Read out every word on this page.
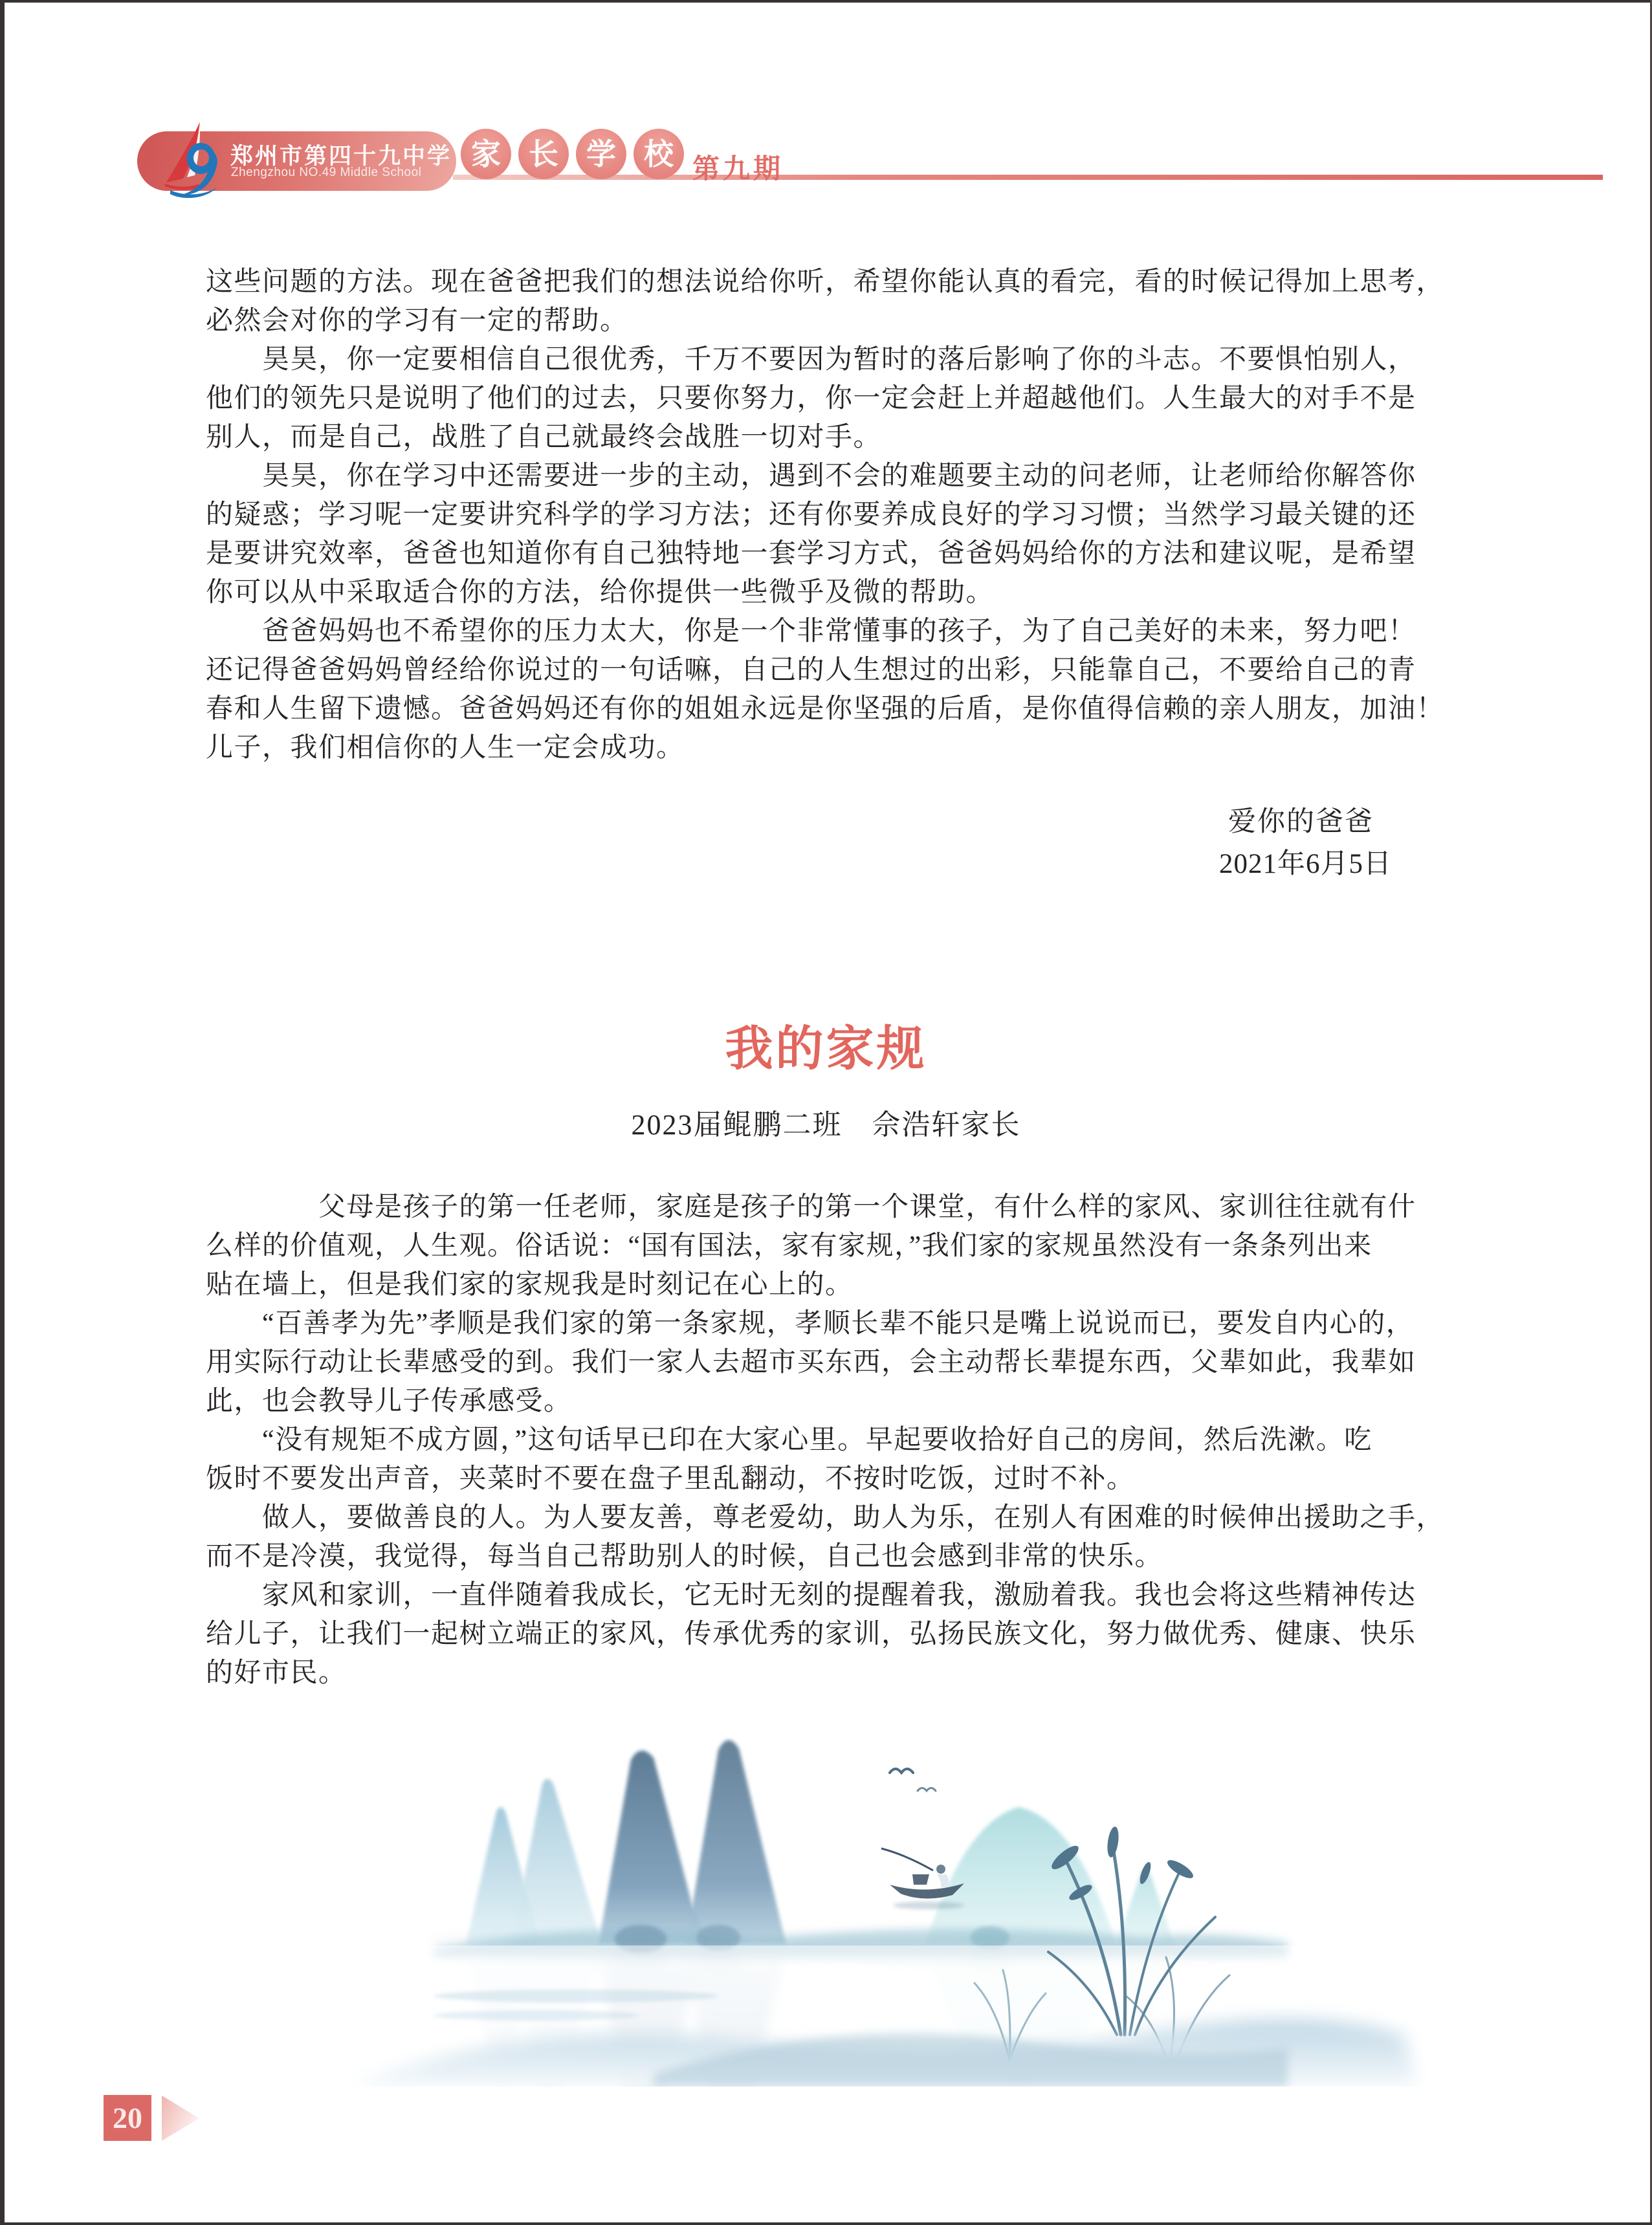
郑州市第四十九中学
Zhengzhou NO.49 Middle School
家 长 学 校 第九期
这些问题的方法。现在爸爸把我们的想法说给你听，希望你能认真的看完，看的时候记得加上思考，
必然会对你的学习有一定的帮助。
　　昊昊，你一定要相信自己很优秀，千万不要因为暂时的落后影响了你的斗志。不要惧怕别人，
他们的领先只是说明了他们的过去，只要你努力，你一定会赶上并超越他们。人生最大的对手不是
别人，而是自己，战胜了自己就最终会战胜一切对手。
　　昊昊，你在学习中还需要进一步的主动，遇到不会的难题要主动的问老师，让老师给你解答你
的疑惑；学习呢一定要讲究科学的学习方法；还有你要养成良好的学习习惯；当然学习最关键的还
是要讲究效率，爸爸也知道你有自己独特地一套学习方式，爸爸妈妈给你的方法和建议呢，是希望
你可以从中采取适合你的方法，给你提供一些微乎及微的帮助。
　　爸爸妈妈也不希望你的压力太大，你是一个非常懂事的孩子，为了自己美好的未来，努力吧！
还记得爸爸妈妈曾经给你说过的一句话嘛，自己的人生想过的出彩，只能靠自己，不要给自己的青
春和人生留下遗憾。爸爸妈妈还有你的姐姐永远是你坚强的后盾，是你值得信赖的亲人朋友，加油！
儿子，我们相信你的人生一定会成功。
爱你的爸爸
2021年6月5日
我的家规
2023届鲲鹏二班　佘浩轩家长
　　　　父母是孩子的第一任老师，家庭是孩子的第一个课堂，有什么样的家风、家训往往就有什
么样的价值观，人生观。俗话说：“国有国法，家有家规，”我们家的家规虽然没有一条条列出来
贴在墙上，但是我们家的家规我是时刻记在心上的。
　　“百善孝为先”孝顺是我们家的第一条家规，孝顺长辈不能只是嘴上说说而已，要发自内心的，
用实际行动让长辈感受的到。我们一家人去超市买东西，会主动帮长辈提东西，父辈如此，我辈如
此，也会教导儿子传承感受。
　　“没有规矩不成方圆，”这句话早已印在大家心里。早起要收拾好自己的房间，然后洗漱。吃
饭时不要发出声音，夹菜时不要在盘子里乱翻动，不按时吃饭，过时不补。
　　做人，要做善良的人。为人要友善，尊老爱幼，助人为乐，在别人有困难的时候伸出援助之手，
而不是冷漠，我觉得，每当自己帮助别人的时候，自己也会感到非常的快乐。
　　家风和家训，一直伴随着我成长，它无时无刻的提醒着我，激励着我。我也会将这些精神传达
给儿子，让我们一起树立端正的家风，传承优秀的家训，弘扬民族文化，努力做优秀、健康、快乐
的好市民。
20
